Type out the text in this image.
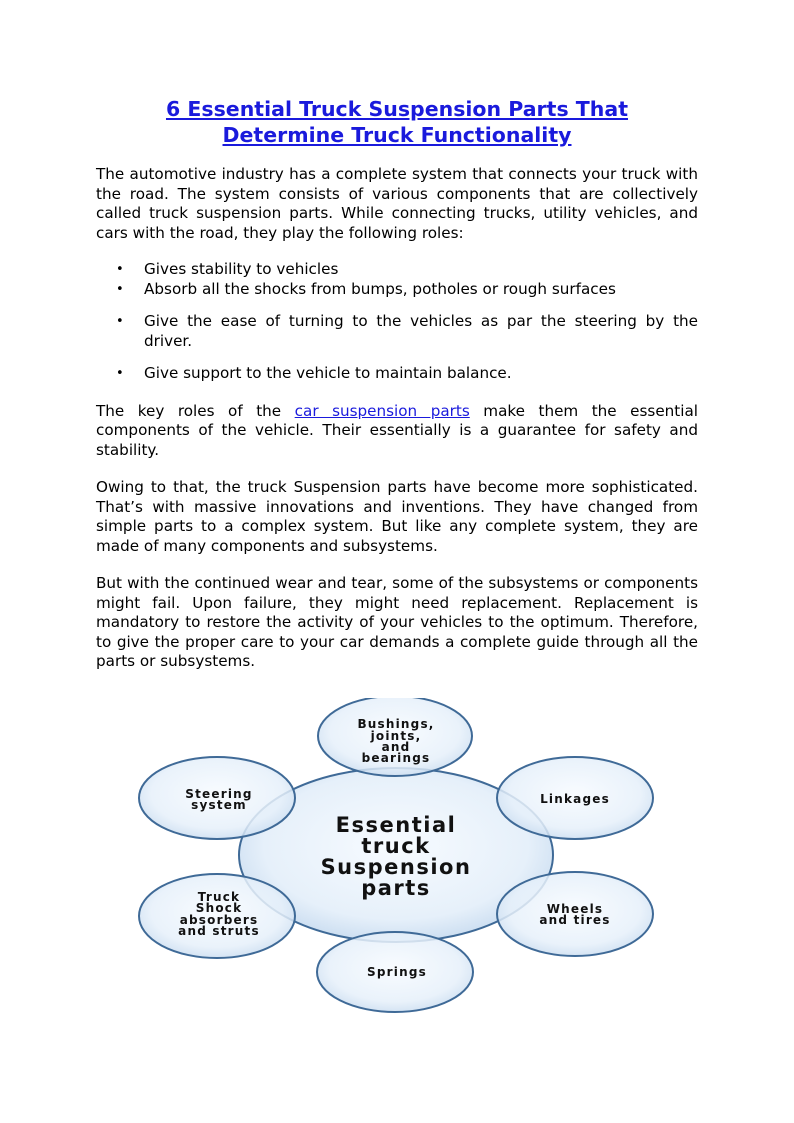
6 Essential Truck Suspension Parts That
Determine Truck Functionality

The automotive industry has a complete system that connects your truck with the road. The system consists of various components that are collectively called truck suspension parts. While connecting trucks, utility vehicles, and cars with the road, they play the following roles:

• Gives stability to vehicles
• Absorb all the shocks from bumps, potholes or rough surfaces
• Give the ease of turning to the vehicles as par the steering by the driver.
• Give support to the vehicle to maintain balance.

The key roles of the car suspension parts make them the essential components of the vehicle. Their essentially is a guarantee for safety and stability.

Owing to that, the truck Suspension parts have become more sophisticated. That’s with massive innovations and inventions. They have changed from simple parts to a complex system. But like any complete system, they are made of many components and subsystems.

But with the continued wear and tear, some of the subsystems or components might fail. Upon failure, they might need replacement. Replacement is mandatory to restore the activity of your vehicles to the optimum. Therefore, to give the proper care to your car demands a complete guide through all the parts or subsystems.

Essential
truck
Suspension
parts
Bushings,
joints,
and
bearings
Steering
system	Linkages
Truck
Shock
absorbers
and struts
Wheels
and tires
Springs
